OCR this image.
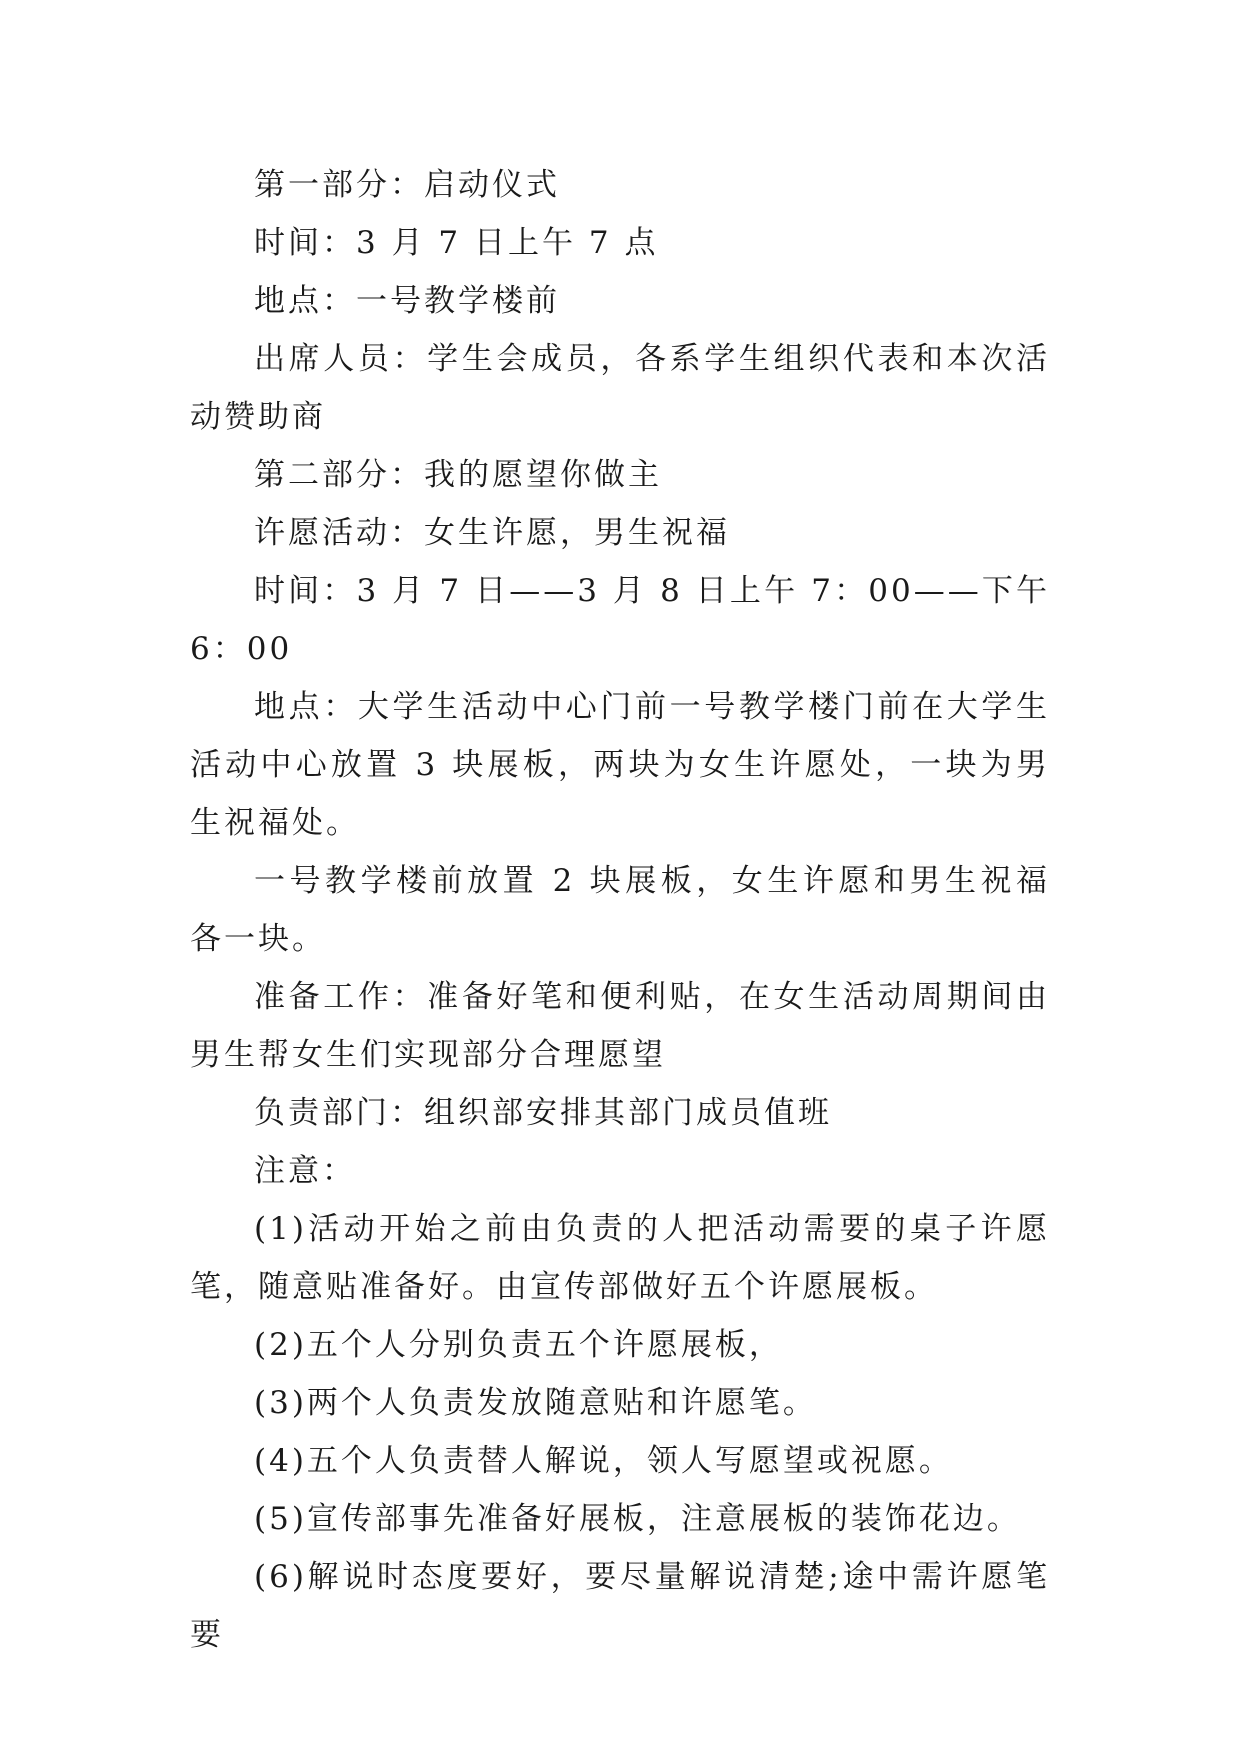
第一部分：启动仪式

时间：3 月 7 日上午 7 点

地点：一号教学楼前

出席人员：学生会成员，各系学生组织代表和本次活动赞助商

第二部分：我的愿望你做主

许愿活动：女生许愿，男生祝福

时间：3 月 7 日——3 月 8 日上午 7：00——下午 6：00

地点：大学生活动中心门前一号教学楼门前在大学生活动中心放置 3 块展板，两块为女生许愿处，一块为男生祝福处。

一号教学楼前放置 2 块展板，女生许愿和男生祝福各一块。

准备工作：准备好笔和便利贴，在女生活动周期间由男生帮女生们实现部分合理愿望

负责部门：组织部安排其部门成员值班

注意：

(1)活动开始之前由负责的人把活动需要的桌子许愿笔，随意贴准备好。由宣传部做好五个许愿展板。

(2)五个人分别负责五个许愿展板，

(3)两个人负责发放随意贴和许愿笔。

(4)五个人负责替人解说，领人写愿望或祝愿。

(5)宣传部事先准备好展板，注意展板的装饰花边。

(6)解说时态度要好，要尽量解说清楚;途中需许愿笔要
